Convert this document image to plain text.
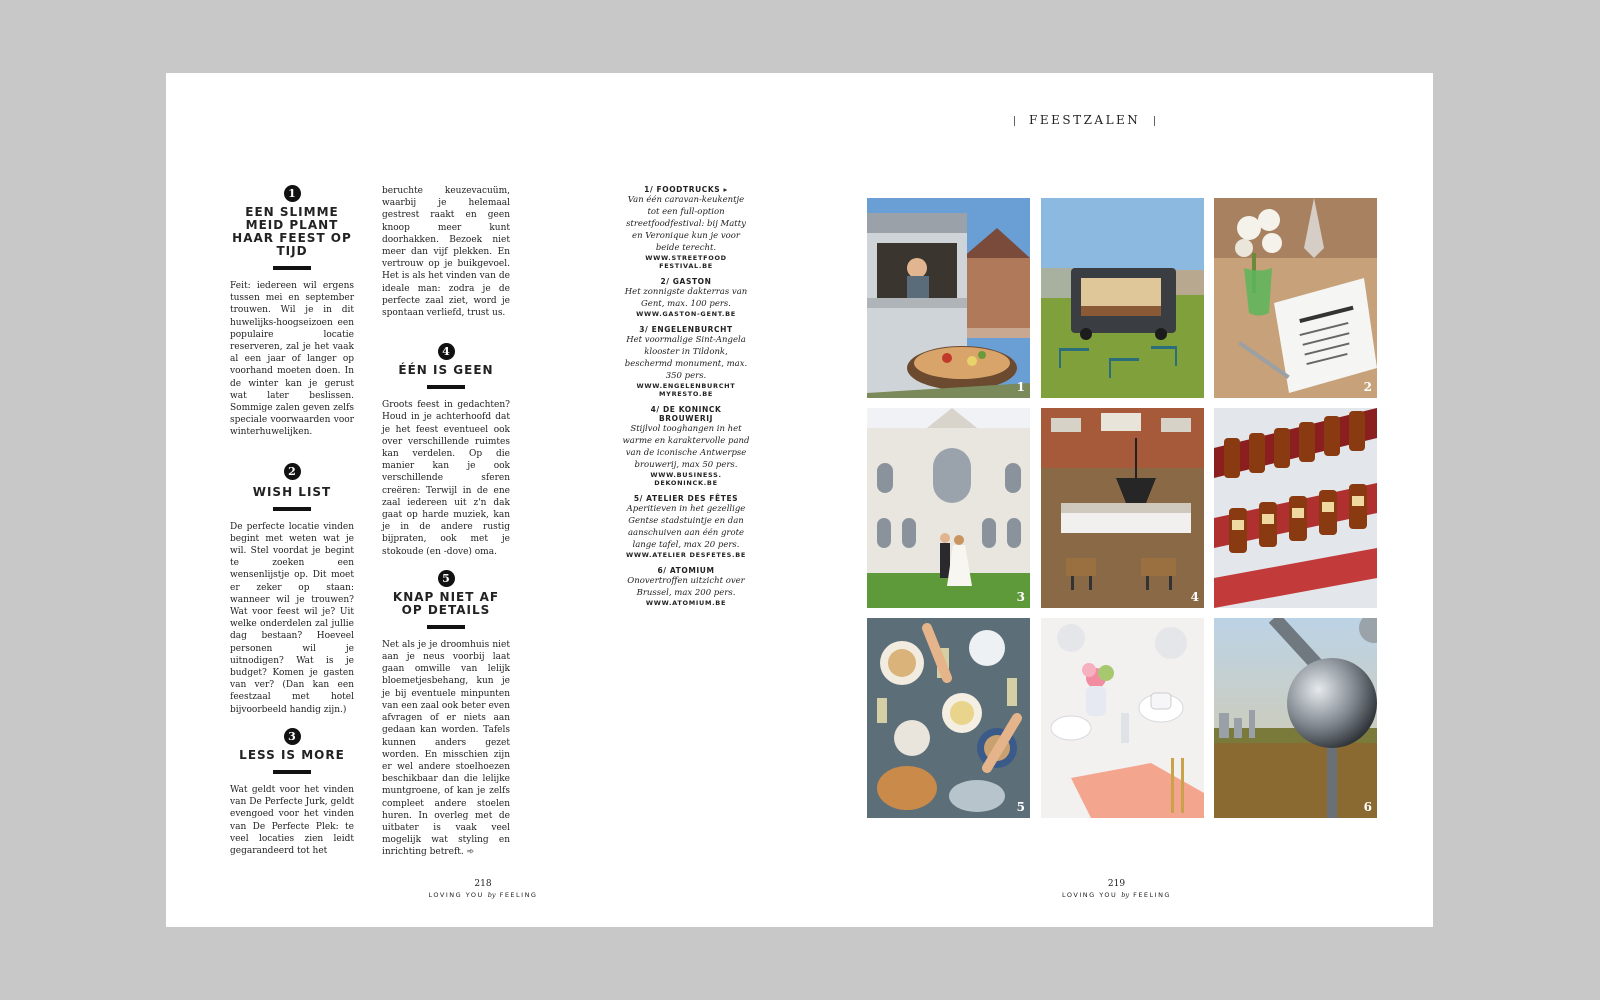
1
EEN SLIMME MEID PLANT HAAR FEEST OP TIJD

Feit: iedereen wil ergens tussen mei en september trouwen. Wil je in dit huwelijks-hoogseizoen een populaire locatie reserveren, zal je het vaak al een jaar of langer op voorhand moeten doen. In de winter kan je gerust wat later beslissen. Sommige zalen geven zelfs speciale voorwaarden voor winterhuwelijken.

2
WISH LIST

De perfecte locatie vinden begint met weten wat je wil. Stel voordat je begint te zoeken een wensenlijstje op. Dit moet er zeker op staan: wanneer wil je trouwen? Wat voor feest wil je? Uit welke onderdelen zal jullie dag bestaan? Hoeveel personen wil je uitnodigen? Wat is je budget? Komen je gasten van ver? (Dan kan een feestzaal met hotel bijvoorbeeld handig zijn.)

3
LESS IS MORE

Wat geldt voor het vinden van De Perfecte Jurk, geldt evengoed voor het vinden van De Perfecte Plek: te veel locaties zien leidt gegarandeerd tot het

beruchte keuzevacuüm, waarbij je helemaal gestrest raakt en geen knoop meer kunt doorhakken. Bezoek niet meer dan vijf plekken. En vertrouw op je buikgevoel. Het is als het vinden van de ideale man: zodra je de perfecte zaal ziet, word je spontaan verliefd, trust us.

4
ÉÉN IS GEEN

Groots feest in gedachten? Houd in je achterhoofd dat je het feest eventueel ook over verschillende ruimtes kan verdelen. Op die manier kan je ook verschillende sferen creëren: Terwijl in de ene zaal iedereen uit z'n dak gaat op harde muziek, kan je in de andere rustig bijpraten, ook met je stokoude (en -dove) oma.

5
KNAP NIET AF OP DETAILS

Net als je je droomhuis niet aan je neus voorbij laat gaan omwille van lelijk bloemetjesbehang, kun je je bij eventuele minpunten van een zaal ook beter even afvragen of er niets aan gedaan kan worden. Tafels kunnen anders gezet worden. En misschien zijn er wel andere stoelhoezen beschikbaar dan die lelijke muntgroene, of kan je zelfs compleet andere stoelen huren. In overleg met de uitbater is vaak veel mogelijk wat styling en inrichting betreft. ➾

1/ FOODTRUCKS ▸
Van één caravan-keukentje tot een full-option streetfoodfestival: bij Matty en Veronique kun je voor beide terecht.
WWW.STREETFOOD FESTIVAL.BE
2/ GASTON
Het zonnigste dakterras van Gent, max. 100 pers.
WWW.GASTON-GENT.BE
3/ ENGELENBURCHT
Het voormalige Sint-Angela klooster in Tildonk, beschermd monument, max. 350 pers.
WWW.ENGELENBURCHT MYRESTO.BE
4/ DE KONINCK BROUWERIJ
Stijlvol tooghangen in het warme en karaktervolle pand van de iconische Antwerpse brouwerij, max 50 pers.
WWW.BUSINESS. DEKONINCK.BE
5/ ATELIER DES FÊTES
Aperitieven in het gezellige Gentse stadstuintje en dan aanschuiven aan één grote lange tafel, max 20 pers.
WWW.ATELIER DESFETES.BE
6/ ATOMIUM
Onovertroffen uitzicht over Brussel, max 200 pers.
WWW.ATOMIUM.BE
218
LOVING YOU by FEELING
FEESTZALEN
1	2
3	4
5	6
219
LOVING YOU by FEELING
